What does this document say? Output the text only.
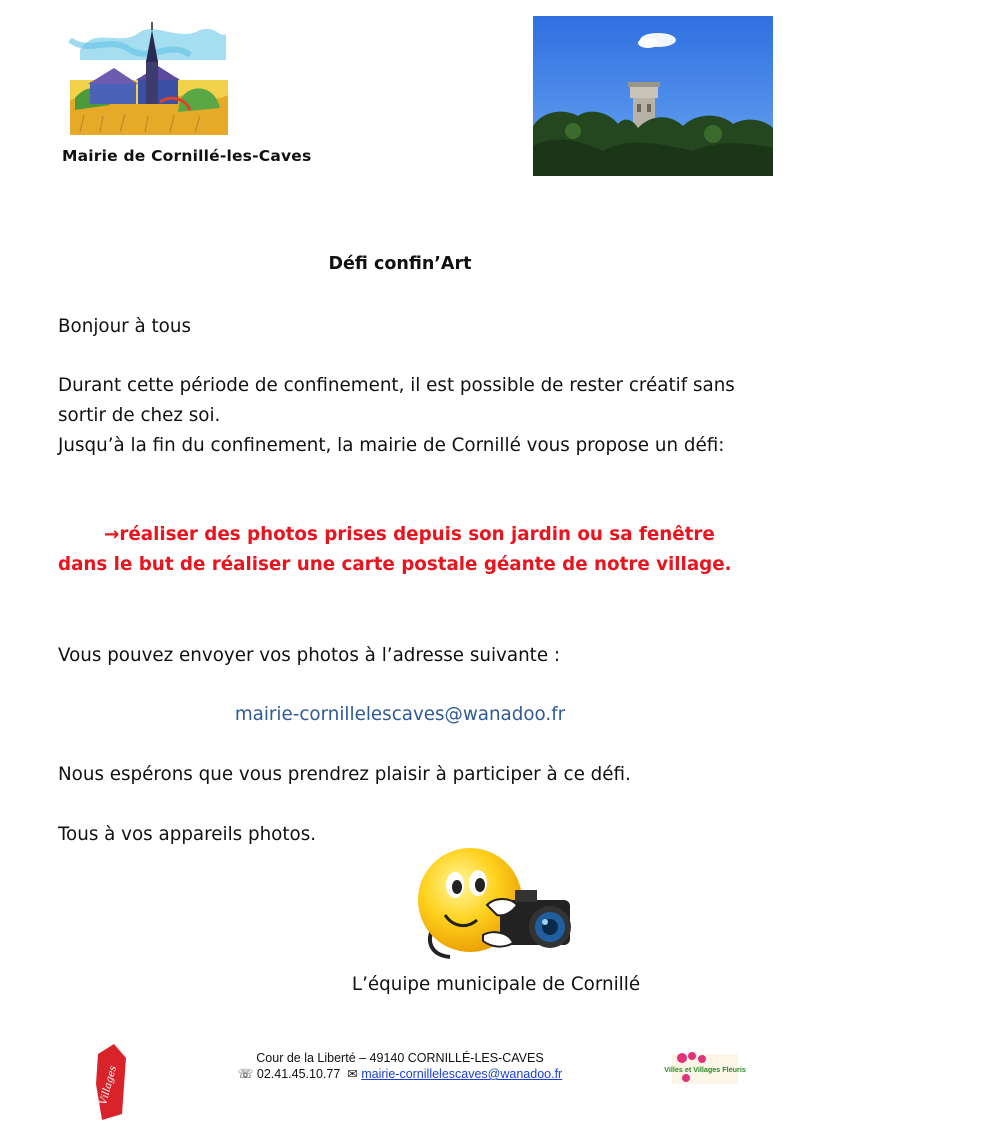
Mairie de Cornillé-les-Caves
Défi confin’Art
Bonjour à tous
Durant cette période de confinement, il est possible de rester créatif sans sortir de chez soi.
Jusqu’à la fin du confinement, la mairie de Cornillé vous propose un défi:
→réaliser des photos prises depuis son jardin ou sa fenêtre dans le but de réaliser une carte postale géante de notre village.
Vous pouvez envoyer vos photos à l’adresse suivante :
mairie-cornillelescaves@wanadoo.fr
Nous espérons que vous prendrez plaisir à participer à ce défi.
Tous à vos appareils photos.
L’équipe municipale de Cornillé
Villages
Cour de la Liberté – 49140 CORNILLÉ-LES-CAVES
☏ 02.41.45.10.77 ✉ mairie-cornillelescaves@wanadoo.fr	Villes et Villages Fleuris
